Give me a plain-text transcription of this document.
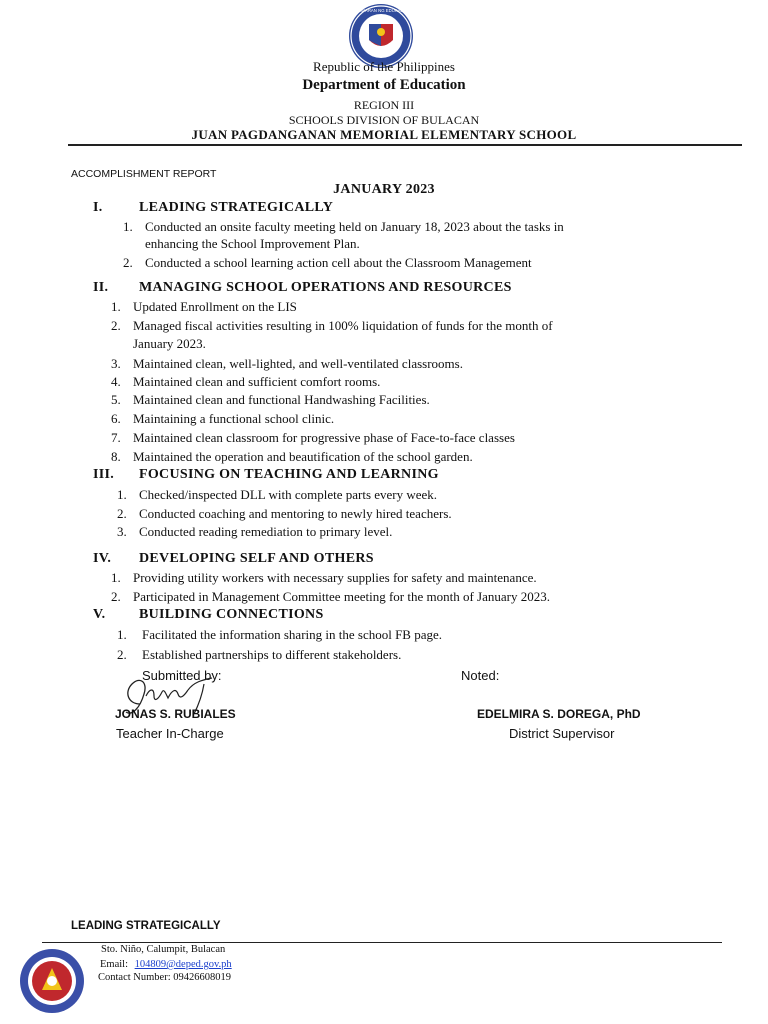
KAGAWARAN NG EDUKASYON
Republic of the Philippines
Department of Education
REGION III
SCHOOLS DIVISION OF BULACAN
JUAN PAGDANGANAN MEMORIAL ELEMENTARY SCHOOL
ACCOMPLISHMENT REPORT
JANUARY 2023
I.	LEADING STRATEGICALLY
1. Conducted an onsite faculty meeting held on January 18, 2023 about the tasks in
enhancing the School Improvement Plan.
2. Conducted a school learning action cell about the Classroom Management
II. MANAGING SCHOOL OPERATIONS AND RESOURCES
1. Updated Enrollment on the LIS
2. Managed fiscal activities resulting in 100% liquidation of funds for the month of
January 2023.
3. Maintained clean, well-lighted, and well-ventilated classrooms.
4. Maintained clean and sufficient comfort rooms.
5. Maintained clean and functional Handwashing Facilities.
6. Maintaining a functional school clinic.
7. Maintained clean classroom for progressive phase of Face-to-face classes
8. Maintained the operation and beautification of the school garden.
III. FOCUSING ON TEACHING AND LEARNING
1. Checked/inspected DLL with complete parts every week.
2. Conducted coaching and mentoring to newly hired teachers.
3. Conducted reading remediation to primary level.
IV. DEVELOPING SELF AND OTHERS
1. Providing utility workers with necessary supplies for safety and maintenance.
2. Participated in Management Committee meeting for the month of January 2023.
V. BUILDING CONNECTIONS
1. Facilitated the information sharing in the school FB page.
2. Established partnerships to different stakeholders.
Submitted by:	Noted:
JONAS S. RUBIALES
Teacher In-Charge
EDELMIRA S. DOREGA, PhD
District Supervisor
LEADING STRATEGICALLY
Sto. Niño, Calumpit, Bulacan
Email: 104809@deped.gov.ph
Contact Number: 09426608019
